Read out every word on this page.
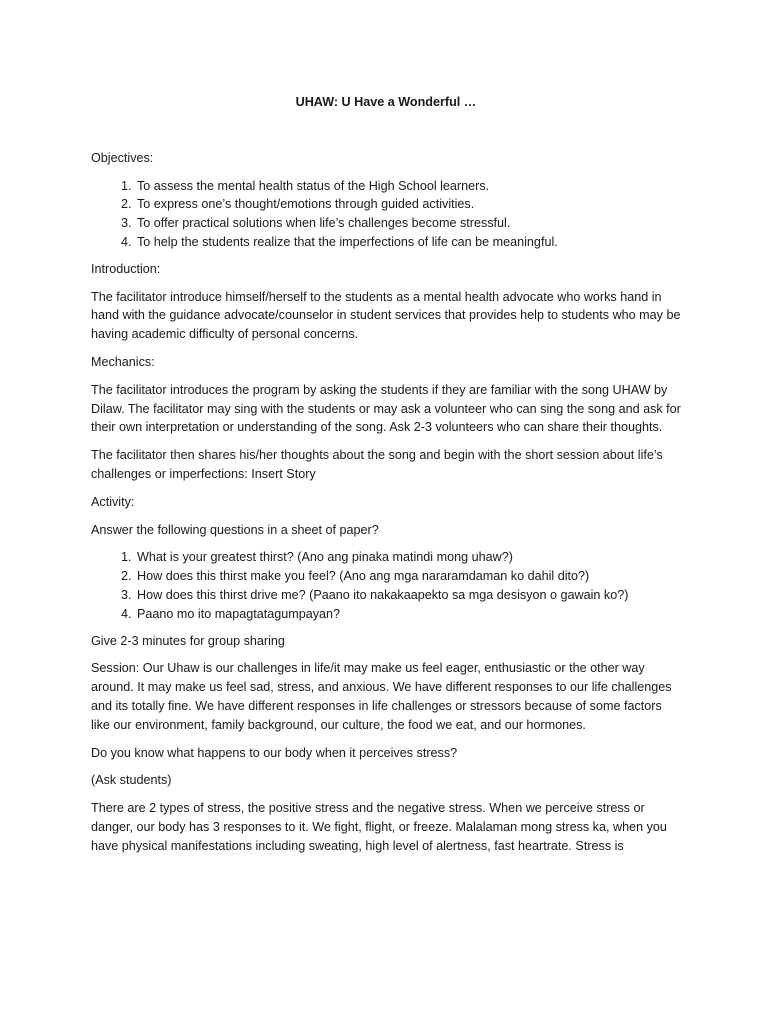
UHAW: U Have a Wonderful …
Objectives:
1. To assess the mental health status of the High School learners.
2. To express one’s thought/emotions through guided activities.
3. To offer practical solutions when life’s challenges become stressful.
4. To help the students realize that the imperfections of life can be meaningful.
Introduction:
The facilitator introduce himself/herself to the students as a mental health advocate who works hand in hand with the guidance advocate/counselor in student services that provides help to students who may be having academic difficulty of personal concerns.
Mechanics:
The facilitator introduces the program by asking the students if they are familiar with the song UHAW by Dilaw. The facilitator may sing with the students or may ask a volunteer who can sing the song and ask for their own interpretation or understanding of the song. Ask 2-3 volunteers who can share their thoughts.
The facilitator then shares his/her thoughts about the song and begin with the short session about life’s challenges or imperfections: Insert Story
Activity:
Answer the following questions in a sheet of paper?
1. What is your greatest thirst? (Ano ang pinaka matindi mong uhaw?)
2. How does this thirst make you feel? (Ano ang mga nararamdaman ko dahil dito?)
3. How does this thirst drive me? (Paano ito nakakaapekto sa mga desisyon o gawain ko?)
4. Paano mo ito mapagtatagumpayan?
Give 2-3 minutes for group sharing
Session: Our Uhaw is our challenges in life/it may make us feel eager, enthusiastic or the other way around. It may make us feel sad, stress, and anxious. We have different responses to our life challenges and its totally fine. We have different responses in life challenges or stressors because of some factors like our environment, family background, our culture, the food we eat, and our hormones.
Do you know what happens to our body when it perceives stress?
(Ask students)
There are 2 types of stress, the positive stress and the negative stress. When we perceive stress or danger, our body has 3 responses to it. We fight, flight, or freeze. Malalaman mong stress ka, when you have physical manifestations including sweating, high level of alertness, fast heartrate. Stress is
